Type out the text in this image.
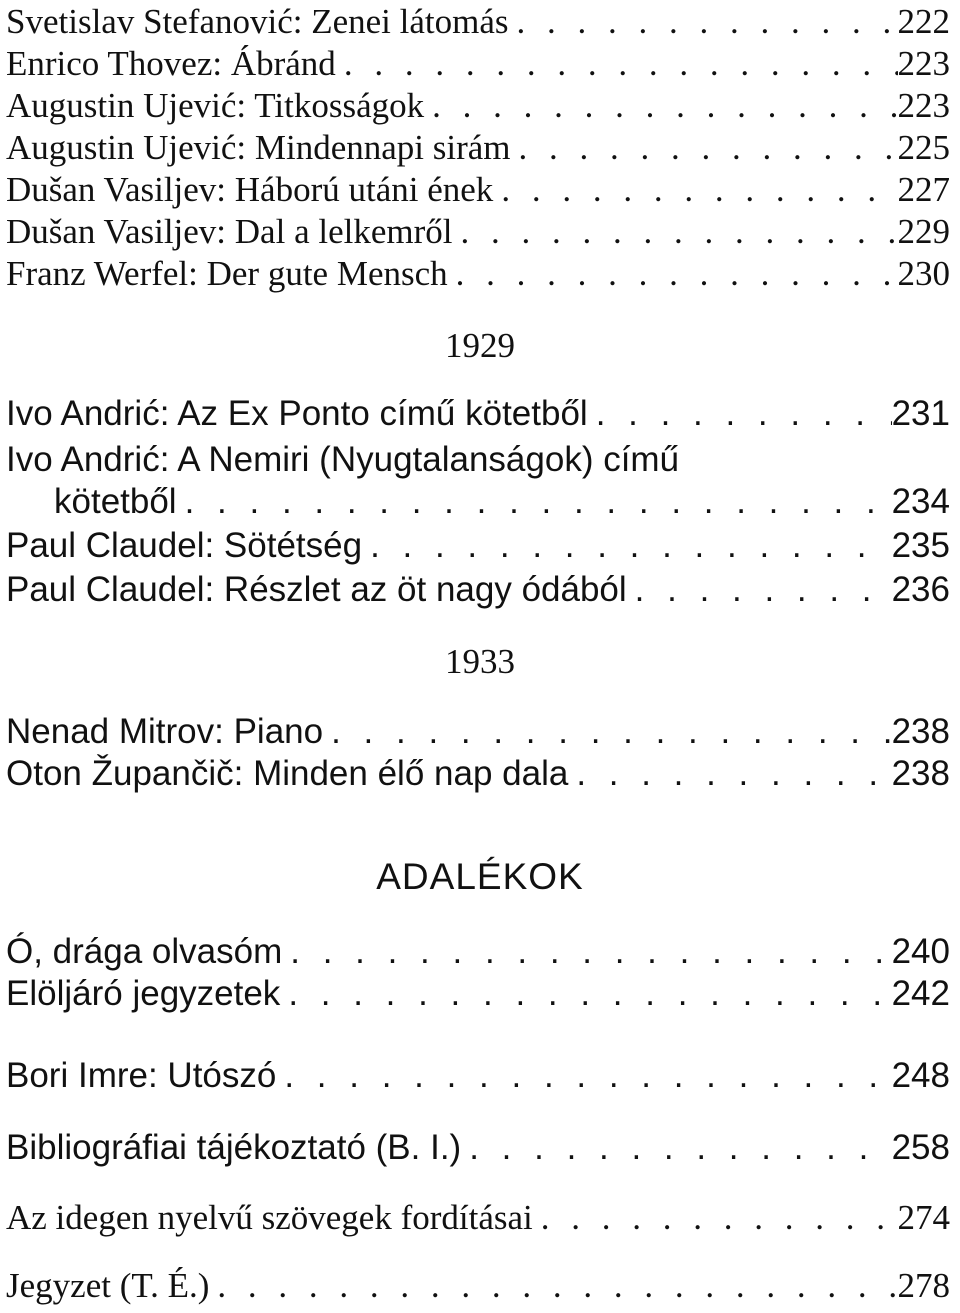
Svetislav Stefanović: Zenei látomás . . .	222
Enrico Thovez: Ábránd . . .	223
Augustin Ujević: Titkosságok . . .	223
Augustin Ujević: Mindennapi sirám . . .	225
Dušan Vasiljev: Háború utáni ének . . .	227
Dušan Vasiljev: Dal a lelkemről . . .	229
Franz Werfel: Der gute Mensch . . .	230
1929
Ivo Andrić: Az Ex Ponto című kötetből . . .	231
Ivo Andrić: A Nemiri (Nyugtalanságok) című
kötetből . . .	234
Paul Claudel: Sötétség . . .	235
Paul Claudel: Részlet az öt nagy ódából . . .	236
1933
Nenad Mitrov: Piano . . .	238
Oton Župančič: Minden élő nap dala . . .	238
ADALÉKOK
Ó, drága olvasóm . . .	240
Elöljáró jegyzetek . . .	242
Bori Imre: Utószó . . .	248
Bibliográfiai tájékoztató (B. I.) . . .	258
Az idegen nyelvű szövegek fordításai . . .	274
Jegyzet (T. É.) . . .	278
